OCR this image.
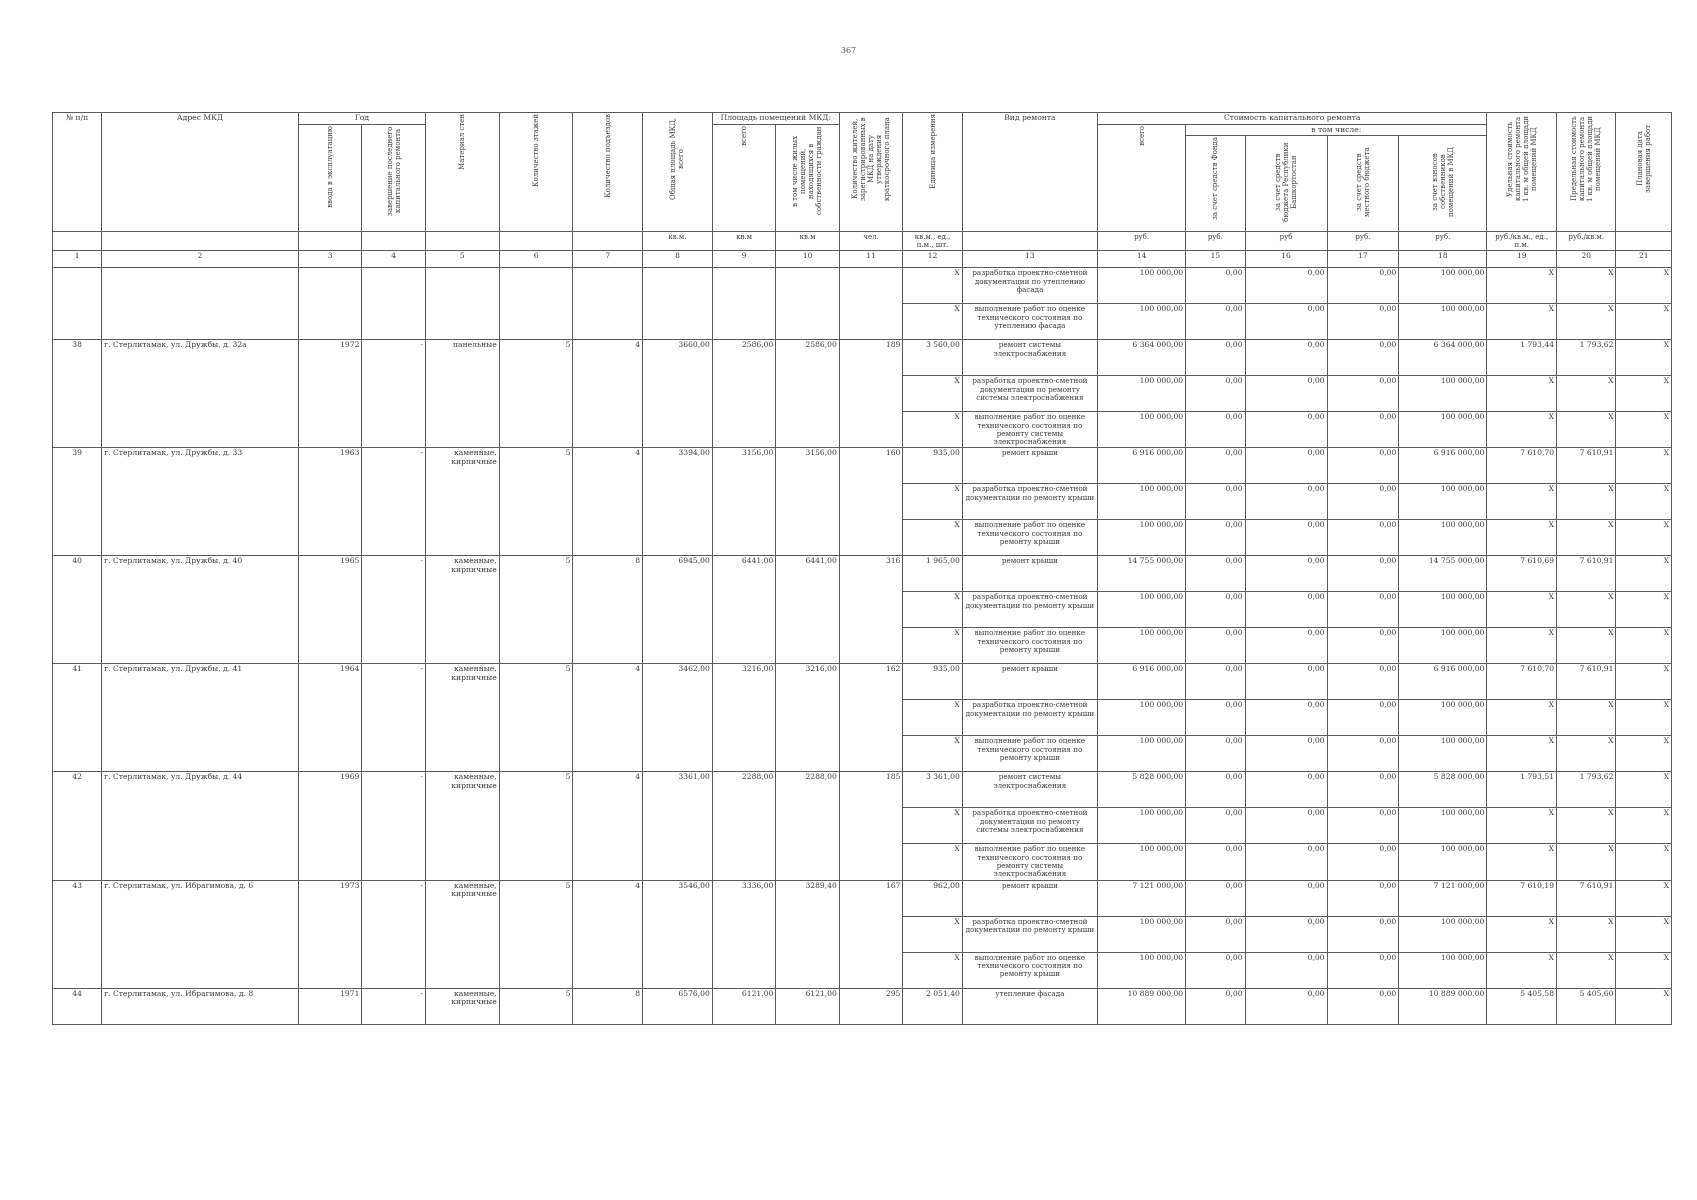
367
№ п/п	Адрес МКД	Год		Материал стен	Количество этажей	Количество подъездов	Общая площадь МКД, всего	Площадь помещений МКД:		Количество жителей, зарегистрированных в МКД на дату утверждения краткосрочного плана	Единица измерения	Вид ремонта	Стоимость капитального ремонта					Удельная стоимость капитального ремонта 1 кв. м общей площади помещений МКД	Предельная стоимость капитального ремонта 1 кв. м общей площади помещений МКД	Плановая дата завершения работ
		ввода в эксплуатацию	завершение последнего капитального ремонта					всего	в том числе жилых помещений, находящихся в собственности граждан				всего	в том числе:						
														за счет средств Фонда	за счет средств бюджета Республики Башкортостан	за счет средств местного бюджета	за счет взносов собственников помещений в МКД			
							кв.м.	кв.м	кв.м	чел.	кв.м., ед., п.м., шт.		руб.	руб.	руб	руб.	руб.	руб./кв.м., ед., п.м.	руб./кв.м.	
1	2	3	4	5	6	7	8	9	10	11	12	13	14	15	16	17	18	19	20	21
											X	разработка проектно-сметной документации по утеплению фасада	100 000,00	0,00	0,00	0,00	100 000,00	X	X	X
											X	выполнение работ по оценке технического состояния по утеплению фасада	100 000,00	0,00	0,00	0,00	100 000,00	X	X	X
38	г. Стерлитамак, ул. Дружбы, д. 32а	1972	-	панельные	5	4	3660,00	2586,00	2586,00	189	3 560,00	ремонт системы электроснабжения	6 364 000,00	0,00	0,00	0,00	6 364 000,00	1 793,44	1 793,62	X
											X	разработка проектно-сметной документации по ремонту системы электроснабжения	100 000,00	0,00	0,00	0,00	100 000,00	X	X	X
											X	выполнение работ по оценке технического состояния по ремонту системы электроснабжения	100 000,00	0,00	0,00	0,00	100 000,00	X	X	X
39	г. Стерлитамак, ул. Дружбы, д. 33	1963	-	каменные, кирпичные	5	4	3394,00	3156,00	3156,00	160	935,00	ремонт крыши	6 916 000,00	0,00	0,00	0,00	6 916 000,00	7 610,70	7 610,91	X
											X	разработка проектно-сметной документации по ремонту крыши	100 000,00	0,00	0,00	0,00	100 000,00	X	X	X
											X	выполнение работ по оценке технического состояния по ремонту крыши	100 000,00	0,00	0,00	0,00	100 000,00	X	X	X
40	г. Стерлитамак, ул. Дружбы, д. 40	1965	-	каменные, кирпичные	5	8	6945,00	6441,00	6441,00	316	1 965,00	ремонт крыши	14 755 000,00	0,00	0,00	0,00	14 755 000,00	7 610,69	7 610,91	X
											X	разработка проектно-сметной документации по ремонту крыши	100 000,00	0,00	0,00	0,00	100 000,00	X	X	X
											X	выполнение работ по оценке технического состояния по ремонту крыши	100 000,00	0,00	0,00	0,00	100 000,00	X	X	X
41	г. Стерлитамак, ул. Дружбы, д. 41	1964	-	каменные, кирпичные	5	4	3462,00	3216,00	3216,00	162	935,00	ремонт крыши	6 916 000,00	0,00	0,00	0,00	6 916 000,00	7 610,70	7 610,91	X
											X	разработка проектно-сметной документации по ремонту крыши	100 000,00	0,00	0,00	0,00	100 000,00	X	X	X
											X	выполнение работ по оценке технического состояния по ремонту крыши	100 000,00	0,00	0,00	0,00	100 000,00	X	X	X
42	г. Стерлитамак, ул. Дружбы, д. 44	1969	-	каменные, кирпичные	5	4	3361,00	2288,00	2288,00	185	3 361,00	ремонт системы электроснабжения	5 828 000,00	0,00	0,00	0,00	5 828 000,00	1 793,51	1 793,62	X
											X	разработка проектно-сметной документации по ремонту системы электроснабжения	100 000,00	0,00	0,00	0,00	100 000,00	X	X	X
											X	выполнение работ по оценке технического состояния по ремонту системы электроснабжения	100 000,00	0,00	0,00	0,00	100 000,00	X	X	X
43	г. Стерлитамак, ул. Ибрагимова, д. 6	1973	-	каменные, кирпичные	5	4	3546,00	3336,00	3289,40	167	962,00	ремонт крыши	7 121 000,00	0,00	0,00	0,00	7 121 000,00	7 610,19	7 610,91	X
											X	разработка проектно-сметной документации по ремонту крыши	100 000,00	0,00	0,00	0,00	100 000,00	X	X	X
											X	выполнение работ по оценке технического состояния по ремонту крыши	100 000,00	0,00	0,00	0,00	100 000,00	X	X	X
44	г. Стерлитамак, ул. Ибрагимова, д. 8	1971	-	каменные, кирпичные	5	8	6576,00	6121,00	6121,00	295	2 051,40	утепление фасада	10 889 000,00	0,00	0,00	0,00	10 889 000,00	5 405,58	5 405,60	X
